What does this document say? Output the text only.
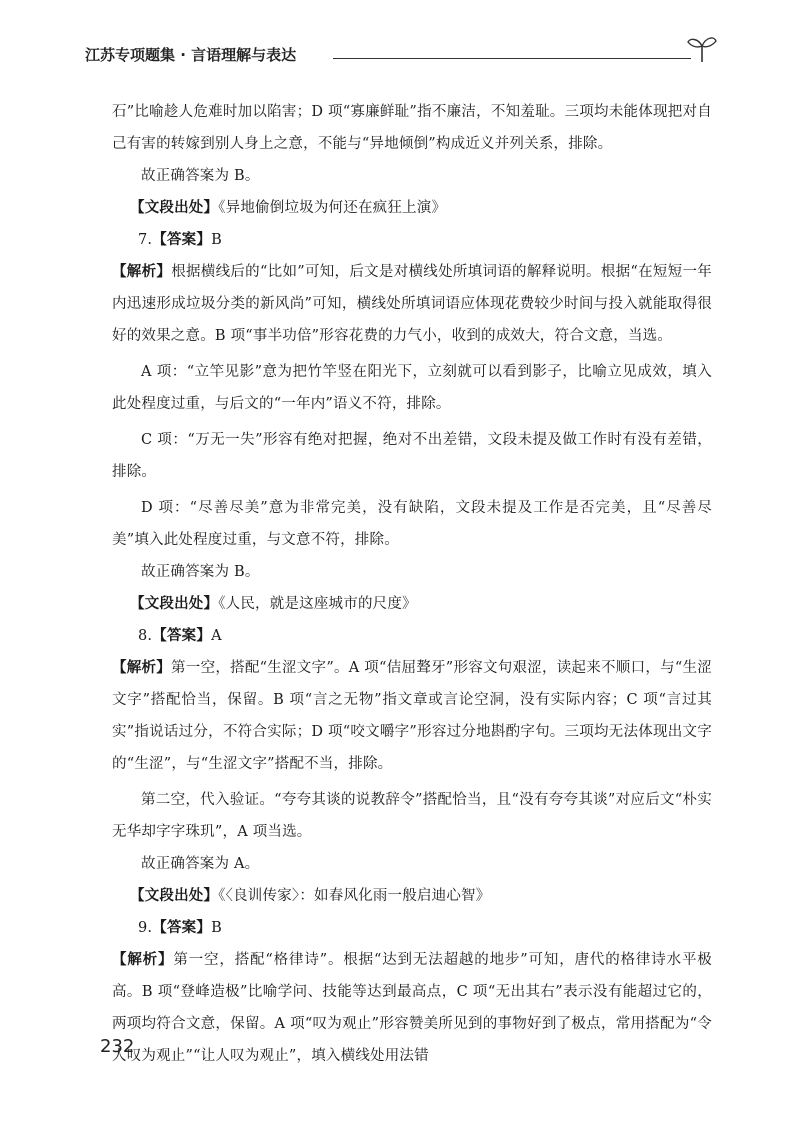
江苏专项题集 · 言语理解与表达

石”比喻趁人危难时加以陷害；D 项“寡廉鲜耻”指不廉洁，不知羞耻。三项均未能体现把对自己有害的转嫁到别人身上之意，不能与“异地倾倒”构成近义并列关系，排除。

故正确答案为 B。

【文段出处】《异地偷倒垃圾为何还在疯狂上演》

7.【答案】B

【解析】根据横线后的“比如”可知，后文是对横线处所填词语的解释说明。根据“在短短一年内迅速形成垃圾分类的新风尚”可知，横线处所填词语应体现花费较少时间与投入就能取得很好的效果之意。B 项“事半功倍”形容花费的力气小，收到的成效大，符合文意，当选。

A 项：“立竿见影”意为把竹竿竖在阳光下，立刻就可以看到影子，比喻立见成效，填入此处程度过重，与后文的“一年内”语义不符，排除。

C 项：“万无一失”形容有绝对把握，绝对不出差错，文段未提及做工作时有没有差错，排除。

D 项：“尽善尽美”意为非常完美，没有缺陷，文段未提及工作是否完美，且“尽善尽美”填入此处程度过重，与文意不符，排除。

故正确答案为 B。

【文段出处】《人民，就是这座城市的尺度》

8.【答案】A

【解析】第一空，搭配“生涩文字”。A 项“佶屈聱牙”形容文句艰涩，读起来不顺口，与“生涩文字”搭配恰当，保留。B 项“言之无物”指文章或言论空洞，没有实际内容；C 项“言过其实”指说话过分，不符合实际；D 项“咬文嚼字”形容过分地斟酌字句。三项均无法体现出文字的“生涩”，与“生涩文字”搭配不当，排除。

第二空，代入验证。“夸夸其谈的说教辞令”搭配恰当，且“没有夸夸其谈”对应后文“朴实无华却字字珠玑”，A 项当选。

故正确答案为 A。

【文段出处】《〈良训传家〉：如春风化雨一般启迪心智》

9.【答案】B

【解析】第一空，搭配“格律诗”。根据“达到无法超越的地步”可知，唐代的格律诗水平极高。B 项“登峰造极”比喻学问、技能等达到最高点，C 项“无出其右”表示没有能超过它的，两项均符合文意，保留。A 项“叹为观止”形容赞美所见到的事物好到了极点，常用搭配为“令人叹为观止”“让人叹为观止”，填入横线处用法错

232
